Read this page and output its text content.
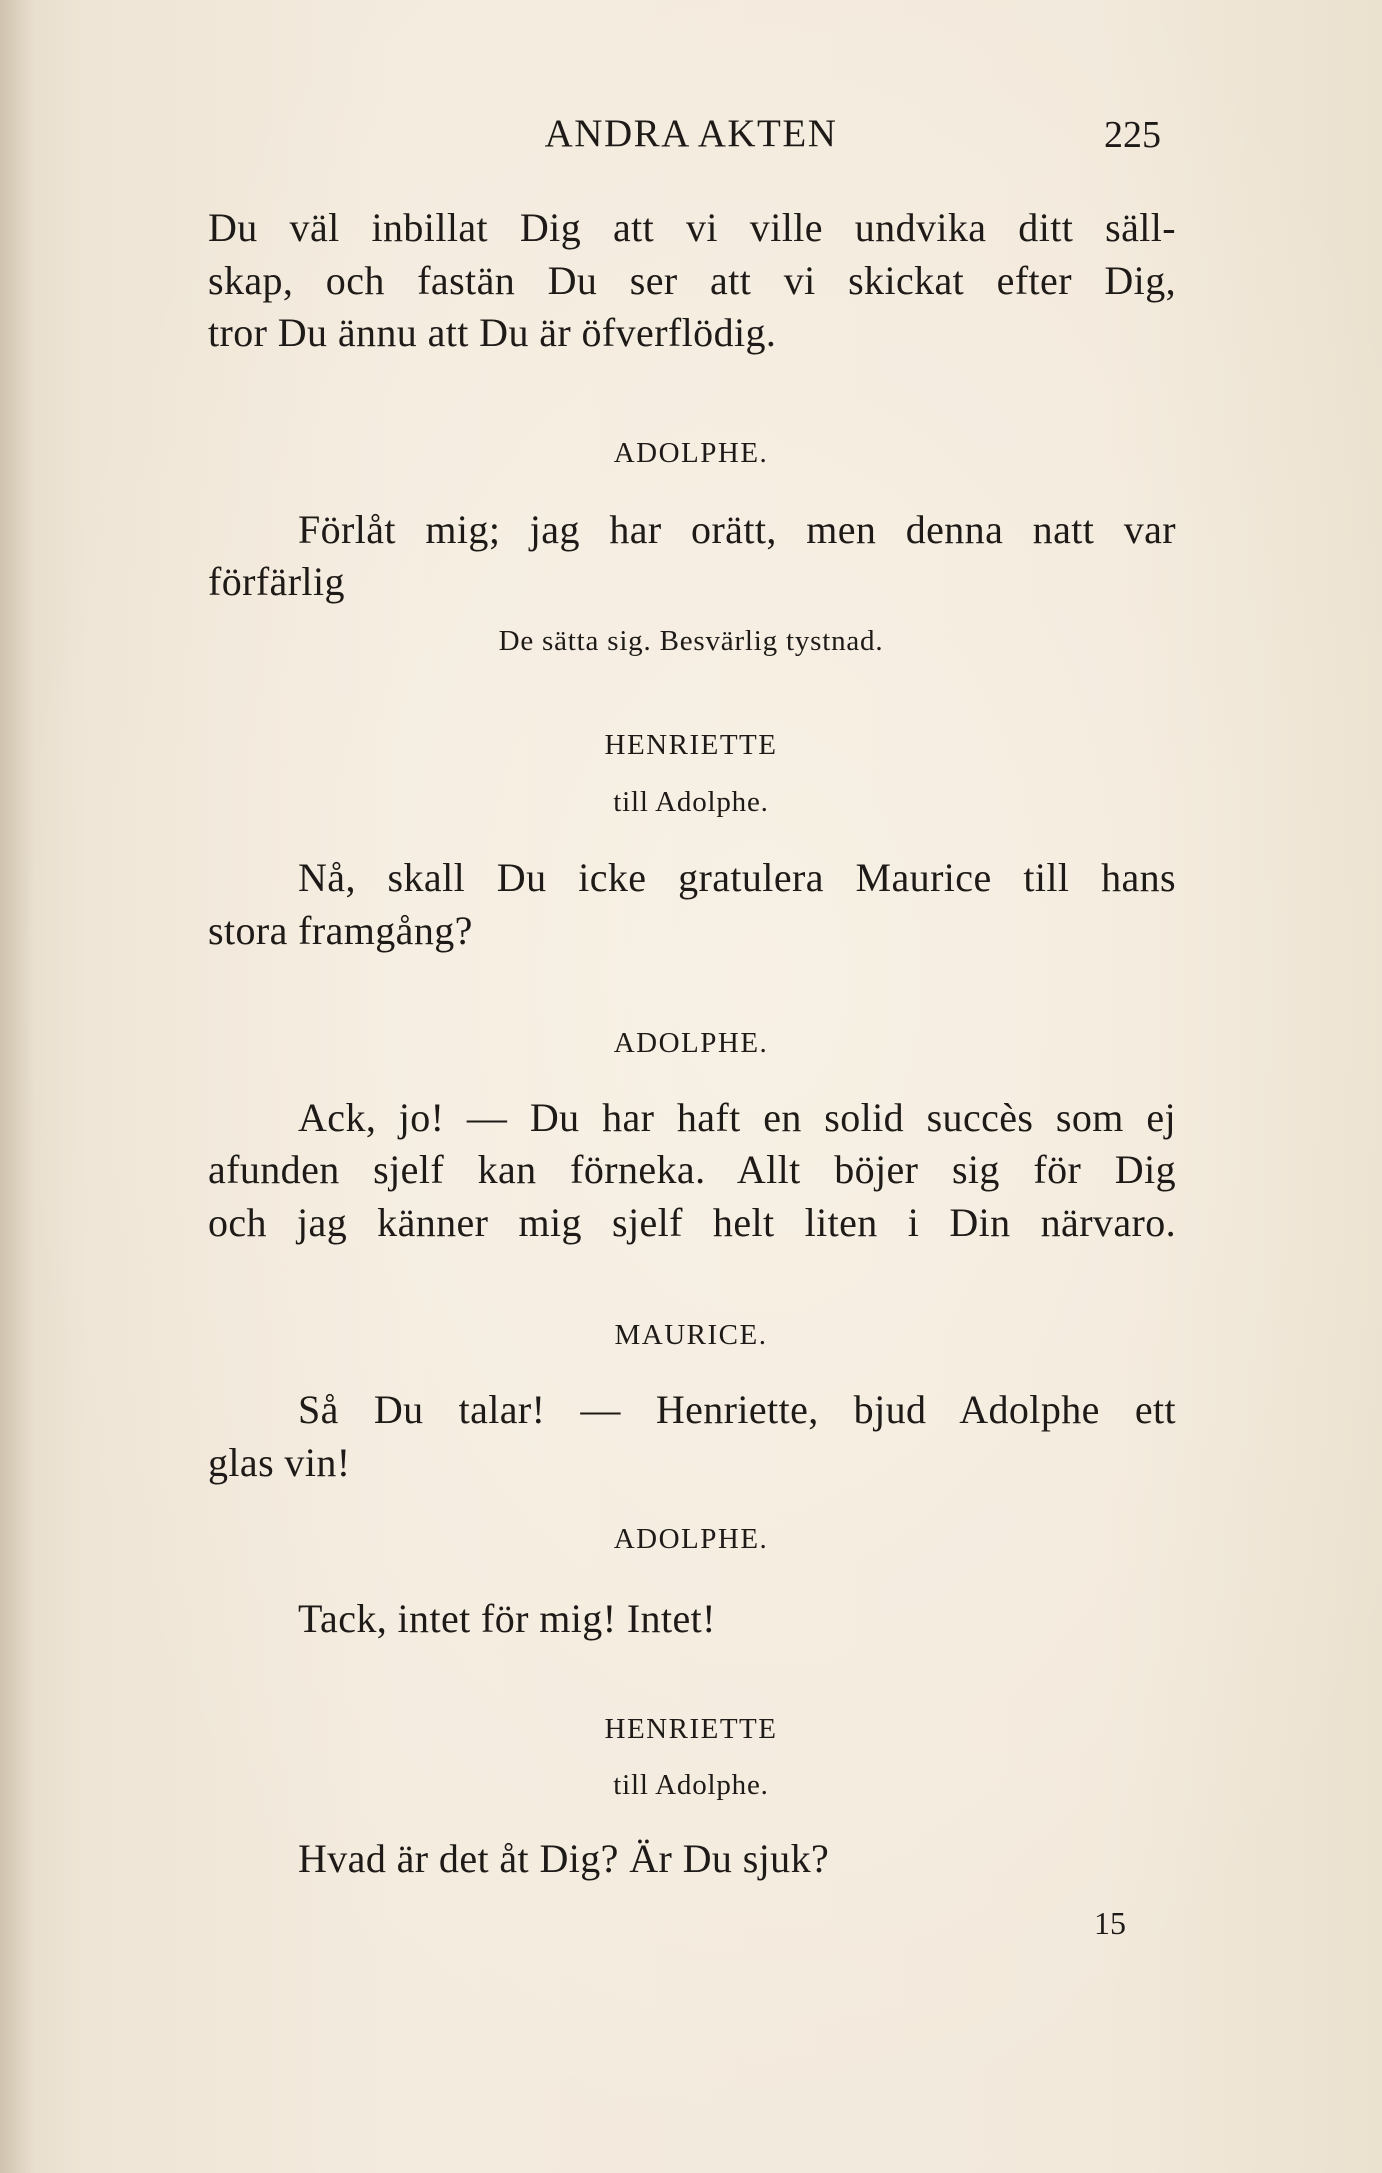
ANDRA AKTEN	225
Du väl inbillat Dig att vi ville undvika ditt säll-
skap, och fastän Du ser att vi skickat efter Dig,
tror Du ännu att Du är öfverflödig.
ADOLPHE.
Förlåt mig; jag har orätt, men denna natt var
förfärlig
De sätta sig. Besvärlig tystnad.
HENRIETTE
till Adolphe.
Nå, skall Du icke gratulera Maurice till hans
stora framgång?
ADOLPHE.
Ack, jo! — Du har haft en solid succès som ej
afunden sjelf kan förneka. Allt böjer sig för Dig
och jag känner mig sjelf helt liten i Din närvaro.
MAURICE.
Så Du talar! — Henriette, bjud Adolphe ett
glas vin!
ADOLPHE.
Tack, intet för mig! Intet!
HENRIETTE
till Adolphe.
Hvad är det åt Dig? Är Du sjuk?
15
